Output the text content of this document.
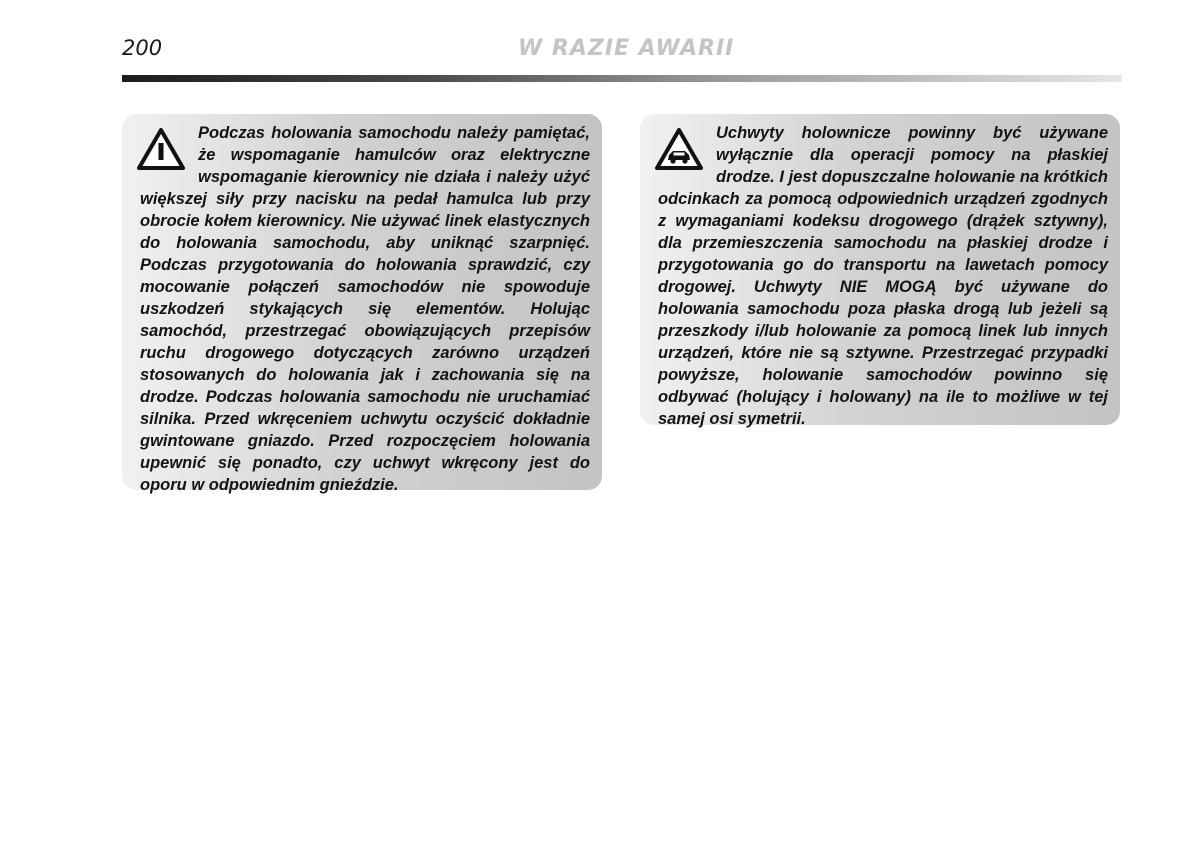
200	W RAZIE AWARII

Podczas holowania samochodu należy pamiętać, że wspomaganie hamulców oraz elektryczne wspomaganie kierownicy nie działa i należy użyć większej siły przy nacisku na pedał hamulca lub przy obrocie kołem kierownicy. Nie używać linek elastycznych do holowania samochodu, aby uniknąć szarpnięć. Podczas przygotowania do holowania sprawdzić, czy mocowanie połączeń samochodów nie spowoduje uszkodzeń stykających się elementów. Holując samochód, przestrzegać obowiązujących przepisów ruchu drogowego dotyczących zarówno urządzeń stosowanych do holowania jak i zachowania się na drodze. Podczas holowania samochodu nie uruchamiać silnika. Przed wkręceniem uchwytu oczyścić dokładnie gwintowane gniazdo. Przed rozpoczęciem holowania upewnić się ponadto, czy uchwyt wkręcony jest do oporu w odpowiednim gnieździe.

Uchwyty holownicze powinny być używane wyłącznie dla operacji pomocy na płaskiej drodze. I jest dopuszczalne holowanie na krótkich odcinkach za pomocą odpowiednich urządzeń zgodnych z wymaganiami kodeksu drogowego (drążek sztywny), dla przemieszczenia samochodu na płaskiej drodze i przygotowania go do transportu na lawetach pomocy drogowej. Uchwyty NIE MOGĄ być używane do holowania samochodu poza płaska drogą lub jeżeli są przeszkody i/lub holowanie za pomocą linek lub innych urządzeń, które nie są sztywne. Przestrzegać przypadki powyższe, holowanie samochodów powinno się odbywać (holujący i holowany) na ile to możliwe w tej samej osi symetrii.
